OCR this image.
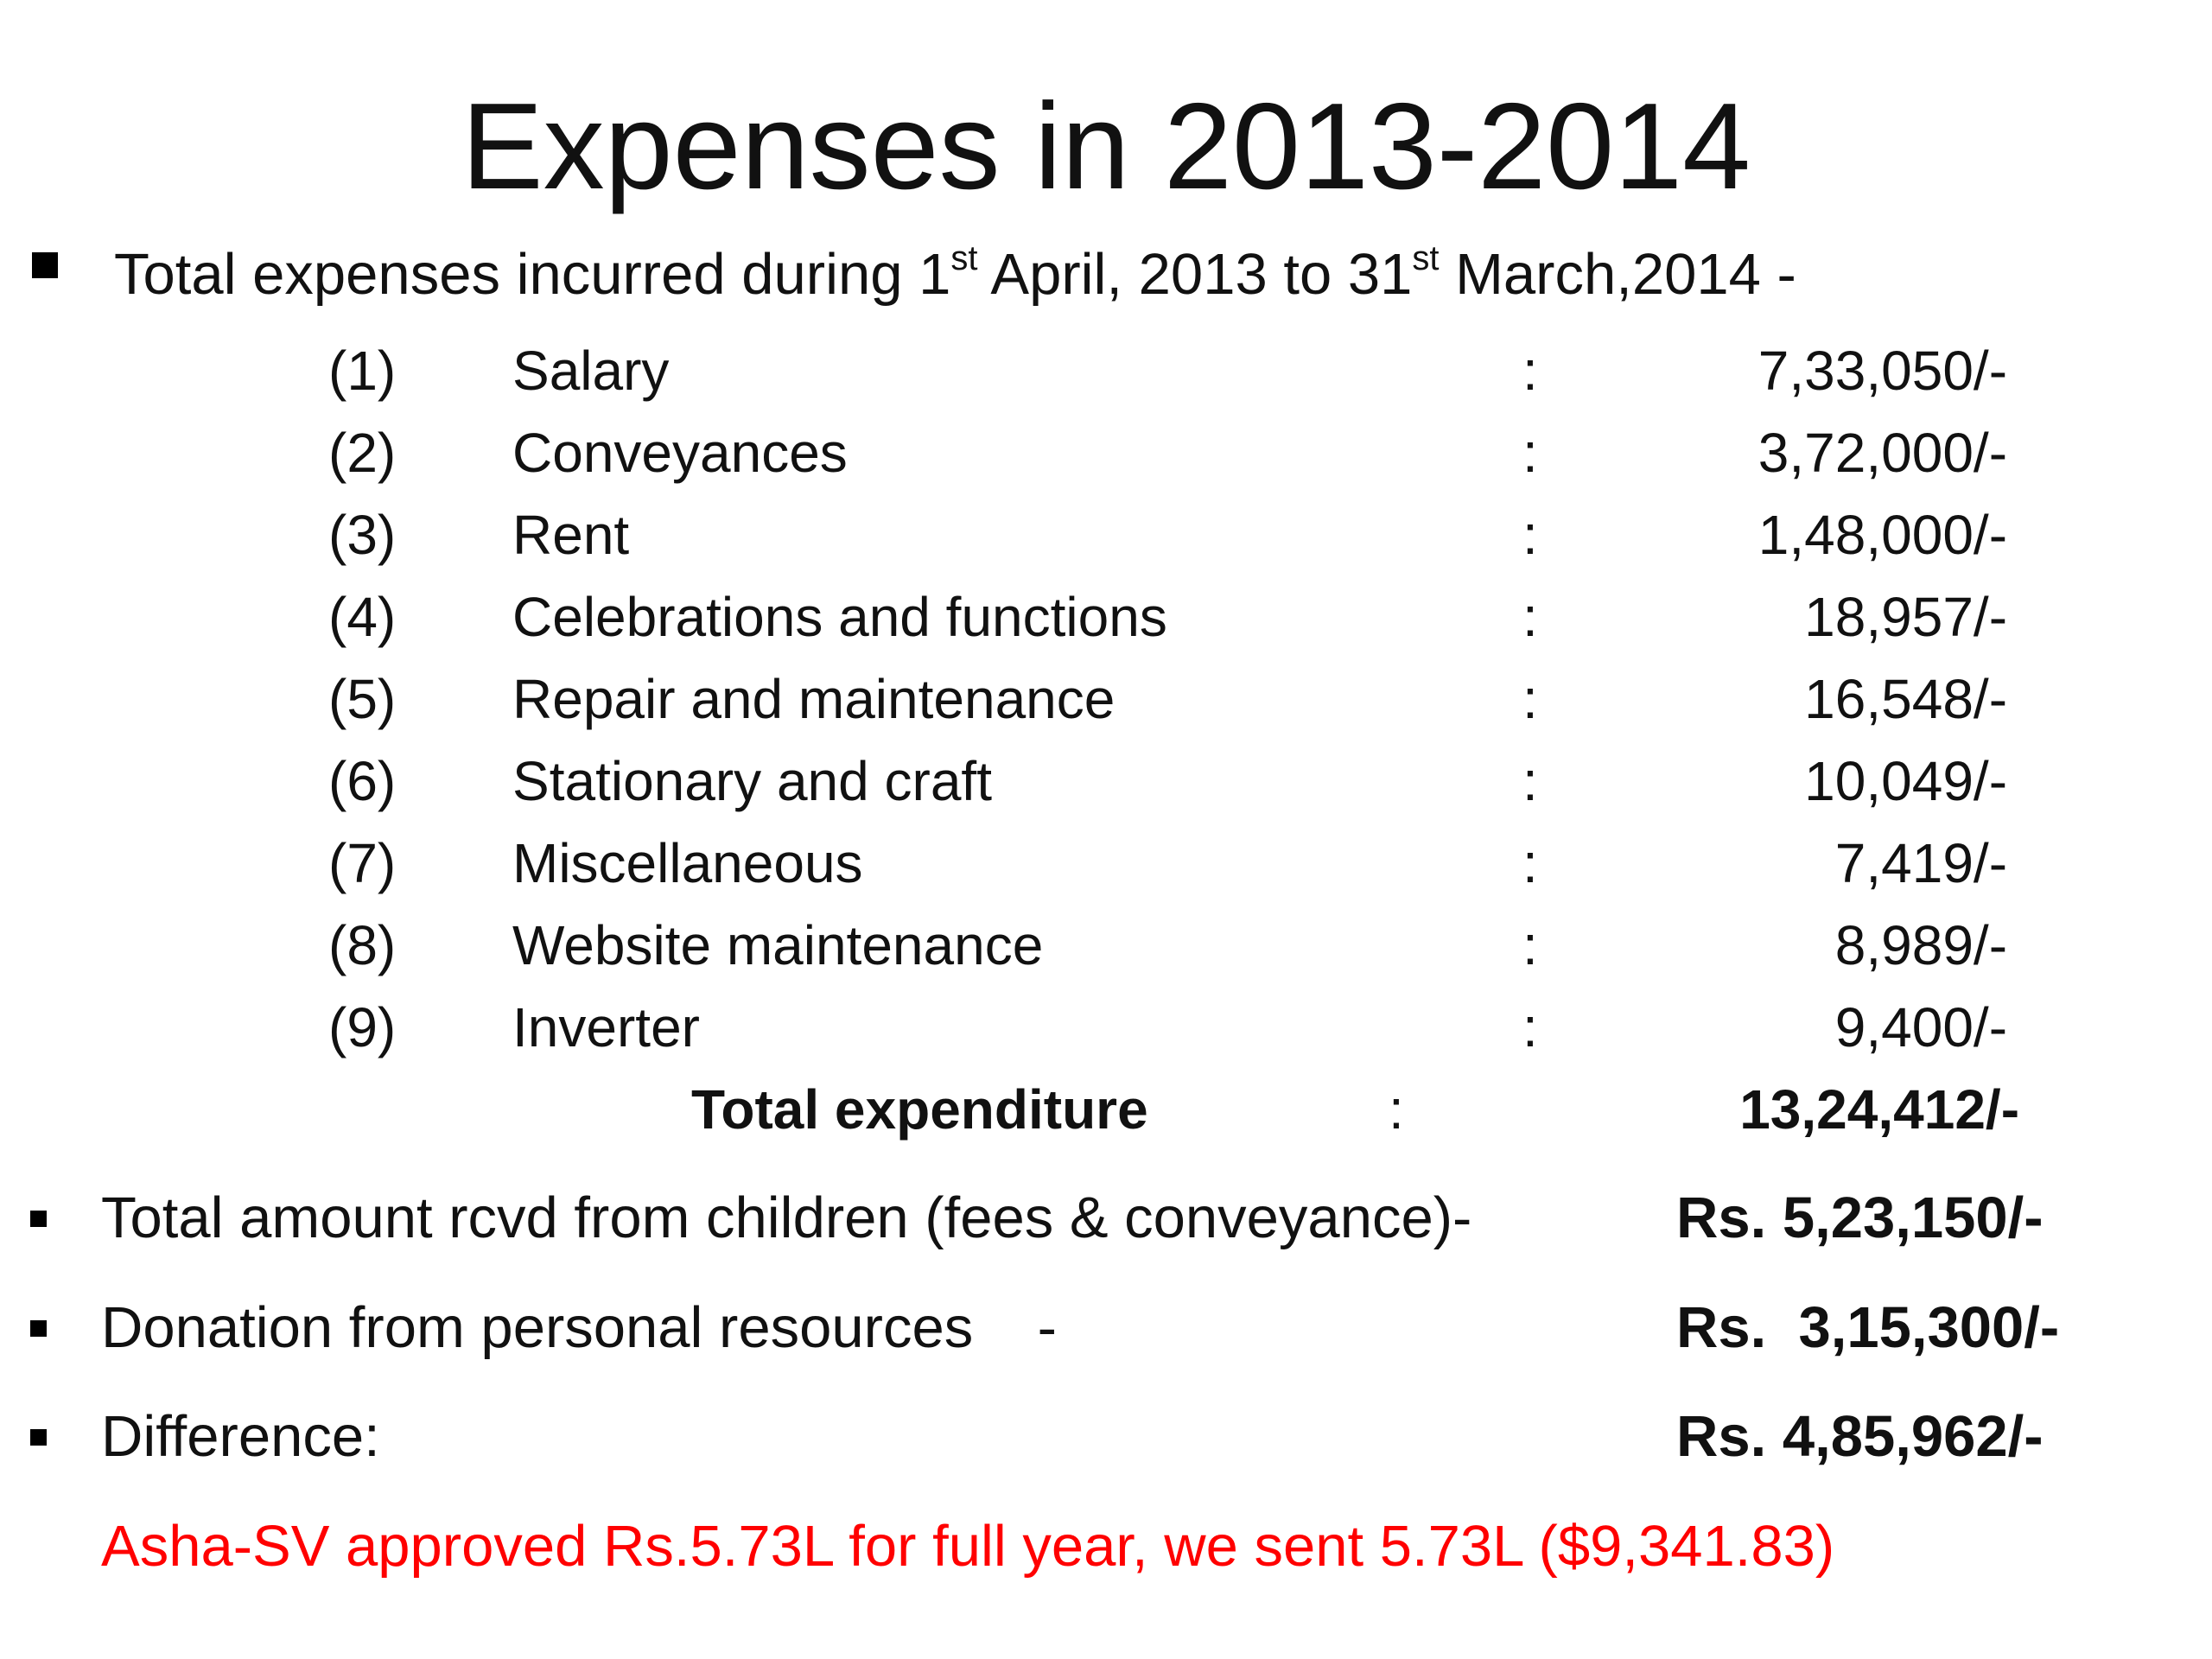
Expenses in 2013-2014
Total expenses incurred during 1st April, 2013 to 31st March,2014 -
(1) Salary	:	7,33,050/-
(2) Conveyances	:	3,72,000/-
(3) Rent	:	1,48,000/-
(4) Celebrations and functions	:	18,957/-
(5) Repair and maintenance	:	16,548/-
(6) Stationary and craft	:	10,049/-
(7) Miscellaneous	:	7,419/-
(8) Website maintenance	:	8,989/-
(9) Inverter	:	9,400/-
Total expenditure	:	13,24,412/-
Total amount rcvd from children (fees & conveyance)-	Rs. 5,23,150/-
Donation from personal resources    -	Rs.  3,15,300/-
Difference:	Rs. 4,85,962/-
Asha-SV approved Rs.5.73L for full year, we sent 5.73L ($9,341.83)
